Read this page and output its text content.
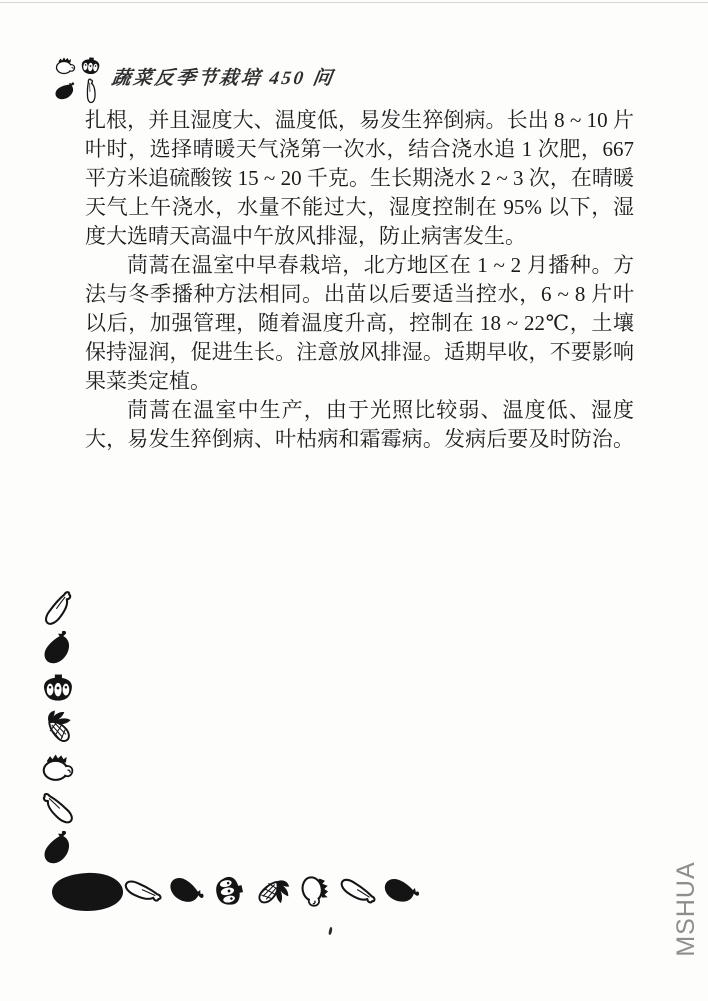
蔬菜反季节栽培 450 问
扎根，并且湿度大、温度低，易发生猝倒病。长出 8 ~ 10 片
叶时，选择晴暖天气浇第一次水，结合浇水追 1 次肥，667
平方米追硫酸铵 15 ~ 20 千克。生长期浇水 2 ~ 3 次，在晴暖
天气上午浇水，水量不能过大，湿度控制在 95% 以下，湿
度大选晴天高温中午放风排湿，防止病害发生。
茼蒿在温室中早春栽培，北方地区在 1 ~ 2 月播种。方
法与冬季播种方法相同。出苗以后要适当控水，6 ~ 8 片叶
以后，加强管理，随着温度升高，控制在 18 ~ 22℃，土壤
保持湿润，促进生长。注意放风排湿。适期早收，不要影响
果菜类定植。
茼蒿在温室中生产，由于光照比较弱、温度低、湿度
大，易发生猝倒病、叶枯病和霜霉病。发病后要及时防治。
MSHUA
